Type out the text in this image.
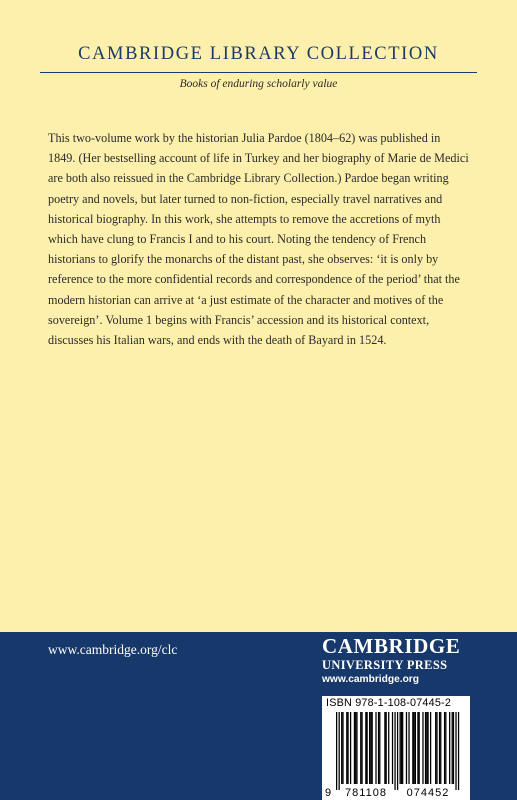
CAMBRIDGE LIBRARY COLLECTION
Books of enduring scholarly value

This two-volume work by the historian Julia Pardoe (1804–62) was published in 1849. (Her bestselling account of life in Turkey and her biography of Marie de Medici are both also reissued in the Cambridge Library Collection.) Pardoe began writing poetry and novels, but later turned to non-fiction, especially travel narratives and historical biography. In this work, she attempts to remove the accretions of myth which have clung to Francis I and to his court. Noting the tendency of French historians to glorify the monarchs of the distant past, she observes: ‘it is only by reference to the more confidential records and correspondence of the period’ that the modern historian can arrive at ‘a just estimate of the character and motives of the sovereign’. Volume 1 begins with Francis’ accession and its historical context, discusses his Italian wars, and ends with the death of Bayard in 1524.

www.cambridge.org/clc	CAMBRIDGE
UNIVERSITY PRESS
www.cambridge.org
ISBN 978-1-108-07445-2
9 781108 074452
